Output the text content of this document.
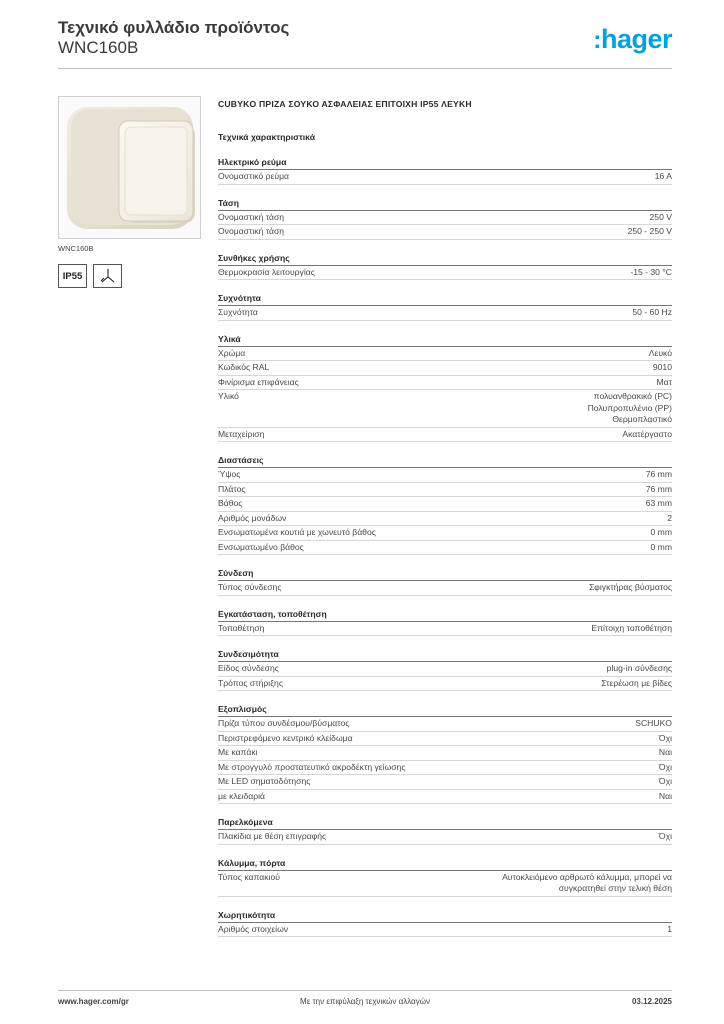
Τεχνικό φυλλάδιο προϊόντος
WNC160B	:hager
WNC160B
IP55
CUBYKO ΠΡΙΖΑ ΣΟΥΚΟ ΑΣΦΑΛΕΙΑΣ ΕΠΙΤΟΙΧΗ IP55 ΛΕΥΚΗ
Τεχνικά χαρακτηριστικά
Ηλεκτρικό ρεύμα
Ονομαστικό ρεύμα	16 A
Τάση
Ονομαστική τάση	250 V
Ονομαστική τάση	250 - 250 V
Συνθήκες χρήσης
Θερμοκρασία λειτουργίας	-15 - 30 °C
Συχνότητα
Συχνότητα	50 - 60 Hz
Υλικά
Χρώμα	Λευκό
Κωδικός RAL	9010
Φινίρισμα επιφάνειας	Ματ
Υλικό	πολυανθρακικό (PC)
Πολυπροπυλένιο (PP)
Θερμοπλαστικό
Μεταχείριση	Ακατέργαστο
Διαστάσεις
Ύψος	76 mm
Πλάτος	76 mm
Βάθος	63 mm
Αριθμός μονάδων	2
Ενσωματωμένα κουτιά με χωνευτό βάθος	0 mm
Ενσωματωμένο βάθος	0 mm
Σύνδεση
Τύπος σύνδεσης	Σφιγκτήρας βύσματος
Εγκατάσταση, τοποθέτηση
Τοποθέτηση	Επίτοιχη τοποθέτηση
Συνδεσιμότητα
Είδος σύνδεσης	plug-in σύνδεσης
Τρόπος στήριξης	Στερέωση με βίδες
Εξοπλισμός
Πρίζα τύπου συνδέσμου/βύσματος	SCHUKO
Περιστρεφόμενο κεντρικό κλείδωμα	Όχι
Με καπάκι	Ναι
Με στρογγυλό προστατευτικό ακροδέκτη γείωσης	Όχι
Με LED σηματοδότησης	Όχι
με κλειδαριά	Ναι
Παρελκόμενα
Πλακίδια με θέση επιγραφής	Όχι
Κάλυμμα, πόρτα
Τύπος καπακιού	Αυτοκλειόμενο αρθρωτό κάλυμμα, μπορεί να
συγκρατηθεί στην τελική θέση
Χωρητικότητα
Αριθμός στοιχείων	1
www.hager.com/gr	Με την επιφύλαξη τεχνικών αλλαγών	03.12.2025
